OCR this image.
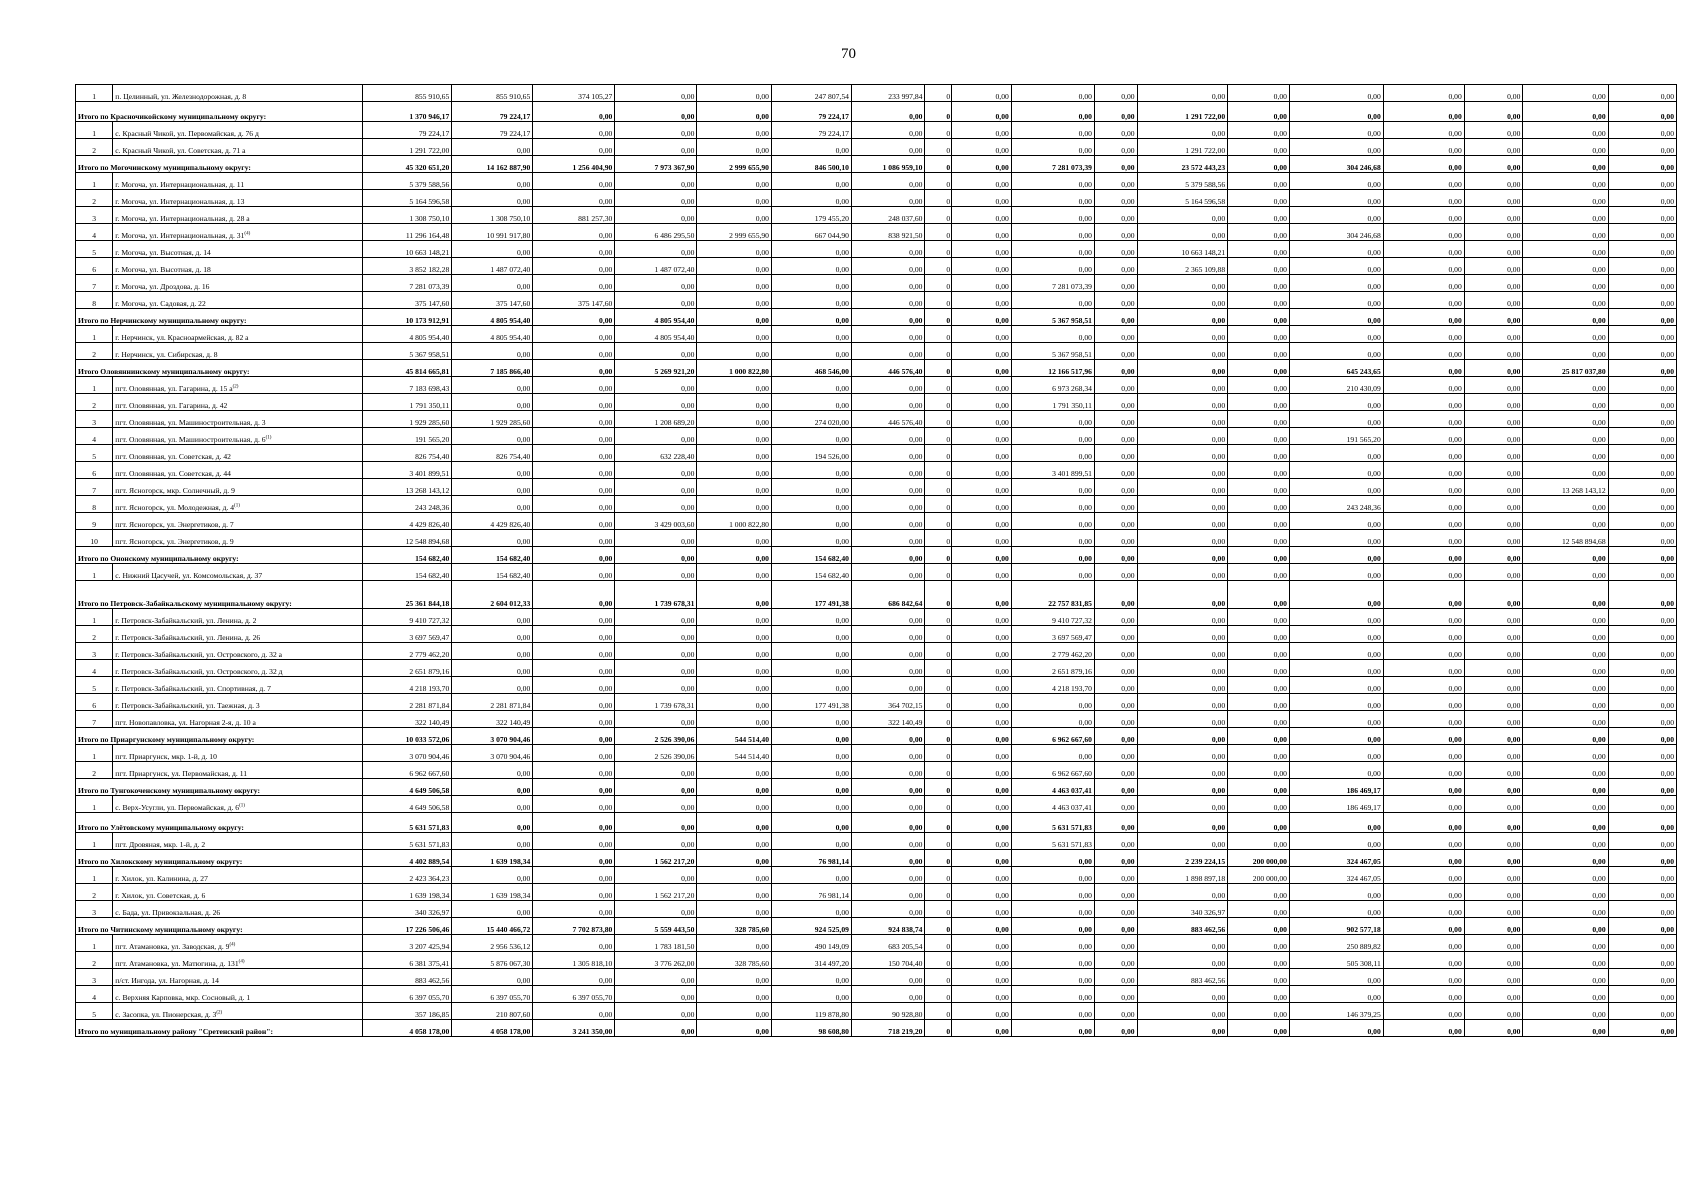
70
1	п. Целинный, ул. Железнодорожная, д. 8	855 910,65	855 910,65	374 105,27	0,00	0,00	247 807,54	233 997,84	0	0,00	0,00	0,00	0,00	0,00	0,00	0,00	0,00	0,00	0,00
Итого по Красночикойскому муниципальному округу:		1 370 946,17	79 224,17	0,00	0,00	0,00	79 224,17	0,00	0	0,00	0,00	0,00	1 291 722,00	0,00	0,00	0,00	0,00	0,00	0,00
1	с. Красный Чикой, ул. Первомайская, д. 76 д	79 224,17	79 224,17	0,00	0,00	0,00	79 224,17	0,00	0	0,00	0,00	0,00	0,00	0,00	0,00	0,00	0,00	0,00	0,00
2	с. Красный Чикой, ул. Советская, д. 71 а	1 291 722,00	0,00	0,00	0,00	0,00	0,00	0,00	0	0,00	0,00	0,00	1 291 722,00	0,00	0,00	0,00	0,00	0,00	0,00
Итого по Могочинскому муниципальному округу:		45 320 651,20	14 162 887,90	1 256 404,90	7 973 367,90	2 999 655,90	846 500,10	1 086 959,10	0	0,00	7 281 073,39	0,00	23 572 443,23	0,00	304 246,68	0,00	0,00	0,00	0,00
1	г. Могоча, ул. Интернациональная, д. 11	5 379 588,56	0,00	0,00	0,00	0,00	0,00	0,00	0	0,00	0,00	0,00	5 379 588,56	0,00	0,00	0,00	0,00	0,00	0,00
2	г. Могоча, ул. Интернациональная, д. 13	5 164 596,58	0,00	0,00	0,00	0,00	0,00	0,00	0	0,00	0,00	0,00	5 164 596,58	0,00	0,00	0,00	0,00	0,00	0,00
3	г. Могоча, ул. Интернациональная, д. 28 а	1 308 750,10	1 308 750,10	881 257,30	0,00	0,00	179 455,20	248 037,60	0	0,00	0,00	0,00	0,00	0,00	0,00	0,00	0,00	0,00	0,00
4	г. Могоча, ул. Интернациональная, д. 31$^{(4)}$	11 296 164,48	10 991 917,80	0,00	6 486 295,50	2 999 655,90	667 044,90	838 921,50	0	0,00	0,00	0,00	0,00	0,00	304 246,68	0,00	0,00	0,00	0,00
5	г. Могоча, ул. Высотная, д. 14	10 663 148,21	0,00	0,00	0,00	0,00	0,00	0,00	0	0,00	0,00	0,00	10 663 148,21	0,00	0,00	0,00	0,00	0,00	0,00
6	г. Могоча, ул. Высотная, д. 18	3 852 182,28	1 487 072,40	0,00	1 487 072,40	0,00	0,00	0,00	0	0,00	0,00	0,00	2 365 109,88	0,00	0,00	0,00	0,00	0,00	0,00
7	г. Могоча, ул. Дроздова, д. 16	7 281 073,39	0,00	0,00	0,00	0,00	0,00	0,00	0	0,00	7 281 073,39	0,00	0,00	0,00	0,00	0,00	0,00	0,00	0,00
8	г. Могоча, ул. Садовая, д. 22	375 147,60	375 147,60	375 147,60	0,00	0,00	0,00	0,00	0	0,00	0,00	0,00	0,00	0,00	0,00	0,00	0,00	0,00	0,00
Итого по Нерчинскому муниципальному округу:		10 173 912,91	4 805 954,40	0,00	4 805 954,40	0,00	0,00	0,00	0	0,00	5 367 958,51	0,00	0,00	0,00	0,00	0,00	0,00	0,00	0,00
1	г. Нерчинск, ул. Красноармейская, д. 82 а	4 805 954,40	4 805 954,40	0,00	4 805 954,40	0,00	0,00	0,00	0	0,00	0,00	0,00	0,00	0,00	0,00	0,00	0,00	0,00	0,00
2	г. Нерчинск, ул. Сибирская, д. 8	5 367 958,51	0,00	0,00	0,00	0,00	0,00	0,00	0	0,00	5 367 958,51	0,00	0,00	0,00	0,00	0,00	0,00	0,00	0,00
Итого Оловяннинскому муниципальному округу:		45 814 665,81	7 185 866,40	0,00	5 269 921,20	1 000 822,80	468 546,00	446 576,40	0	0,00	12 166 517,96	0,00	0,00	0,00	645 243,65	0,00	0,00	25 817 037,80	0,00
1	пгт. Оловянная, ул. Гагарина, д. 15 $а^{(2)}$	7 183 698,43	0,00	0,00	0,00	0,00	0,00	0,00	0	0,00	6 973 268,34	0,00	0,00	0,00	210 430,09	0,00	0,00	0,00	0,00
2	пгт. Оловянная, ул. Гагарина, д. 42	1 791 350,11	0,00	0,00	0,00	0,00	0,00	0,00	0	0,00	1 791 350,11	0,00	0,00	0,00	0,00	0,00	0,00	0,00	0,00
3	пгт. Оловянная, ул. Машиностроительная, д. 3	1 929 285,60	1 929 285,60	0,00	1 208 689,20	0,00	274 020,00	446 576,40	0	0,00	0,00	0,00	0,00	0,00	0,00	0,00	0,00	0,00	0,00
4	пгт. Оловянная, ул. Машиностроительная, д. 6$^{(1)}$	191 565,20	0,00	0,00	0,00	0,00	0,00	0,00	0	0,00	0,00	0,00	0,00	0,00	191 565,20	0,00	0,00	0,00	0,00
5	пгт. Оловянная, ул. Советская, д. 42	826 754,40	826 754,40	0,00	632 228,40	0,00	194 526,00	0,00	0	0,00	0,00	0,00	0,00	0,00	0,00	0,00	0,00	0,00	0,00
6	пгт. Оловянная, ул. Советская, д. 44	3 401 899,51	0,00	0,00	0,00	0,00	0,00	0,00	0	0,00	3 401 899,51	0,00	0,00	0,00	0,00	0,00	0,00	0,00	0,00
7	пгт. Ясногорск, мкр. Солнечный, д. 9	13 268 143,12	0,00	0,00	0,00	0,00	0,00	0,00	0	0,00	0,00	0,00	0,00	0,00	0,00	0,00	0,00	13 268 143,12	0,00
8	пгт. Ясногорск, ул. Молодежная, д. 4$^{(1)}$	243 248,36	0,00	0,00	0,00	0,00	0,00	0,00	0	0,00	0,00	0,00	0,00	0,00	243 248,36	0,00	0,00	0,00	0,00
9	пгт. Ясногорск, ул. Энергетиков, д. 7	4 429 826,40	4 429 826,40	0,00	3 429 003,60	1 000 822,80	0,00	0,00	0	0,00	0,00	0,00	0,00	0,00	0,00	0,00	0,00	0,00	0,00
10	пгт. Ясногорск, ул. Энергетиков, д. 9	12 548 894,68	0,00	0,00	0,00	0,00	0,00	0,00	0	0,00	0,00	0,00	0,00	0,00	0,00	0,00	0,00	12 548 894,68	0,00
Итого по Ононскому муниципальному округу:		154 682,40	154 682,40	0,00	0,00	0,00	154 682,40	0,00	0	0,00	0,00	0,00	0,00	0,00	0,00	0,00	0,00	0,00	0,00
1	с. Нижний Цасучей, ул. Комсомольская, д. 37	154 682,40	154 682,40	0,00	0,00	0,00	154 682,40	0,00	0	0,00	0,00	0,00	0,00	0,00	0,00	0,00	0,00	0,00	0,00
Итого по Петровск-Забайкальскому муниципальному округу:		25 361 844,18	2 604 012,33	0,00	1 739 678,31	0,00	177 491,38	686 842,64	0	0,00	22 757 831,85	0,00	0,00	0,00	0,00	0,00	0,00	0,00	0,00
1	г. Петровск-Забайкальский, ул. Ленина, д. 2	9 410 727,32	0,00	0,00	0,00	0,00	0,00	0,00	0	0,00	9 410 727,32	0,00	0,00	0,00	0,00	0,00	0,00	0,00	0,00
2	г. Петровск-Забайкальский, ул. Ленина, д. 26	3 697 569,47	0,00	0,00	0,00	0,00	0,00	0,00	0	0,00	3 697 569,47	0,00	0,00	0,00	0,00	0,00	0,00	0,00	0,00
3	г. Петровск-Забайкальский, ул. Островского, д. 32 а	2 779 462,20	0,00	0,00	0,00	0,00	0,00	0,00	0	0,00	2 779 462,20	0,00	0,00	0,00	0,00	0,00	0,00	0,00	0,00
4	г. Петровск-Забайкальский, ул. Островского, д. 32 д	2 651 879,16	0,00	0,00	0,00	0,00	0,00	0,00	0	0,00	2 651 879,16	0,00	0,00	0,00	0,00	0,00	0,00	0,00	0,00
5	г. Петровск-Забайкальский, ул. Спортивная, д. 7	4 218 193,70	0,00	0,00	0,00	0,00	0,00	0,00	0	0,00	4 218 193,70	0,00	0,00	0,00	0,00	0,00	0,00	0,00	0,00
6	г. Петровск-Забайкальский, ул. Таежная, д. 3	2 281 871,84	2 281 871,84	0,00	1 739 678,31	0,00	177 491,38	364 702,15	0	0,00	0,00	0,00	0,00	0,00	0,00	0,00	0,00	0,00	0,00
7	пгт. Новопавловка, ул. Нагорная 2-я, д. 10 а	322 140,49	322 140,49	0,00	0,00	0,00	0,00	322 140,49	0	0,00	0,00	0,00	0,00	0,00	0,00	0,00	0,00	0,00	0,00
Итого по Приаргунскому муниципальному округу:		10 033 572,06	3 070 904,46	0,00	2 526 390,06	544 514,40	0,00	0,00	0	0,00	6 962 667,60	0,00	0,00	0,00	0,00	0,00	0,00	0,00	0,00
1	пгт. Приаргунск, мкр. 1-й, д. 10	3 070 904,46	3 070 904,46	0,00	2 526 390,06	544 514,40	0,00	0,00	0	0,00	0,00	0,00	0,00	0,00	0,00	0,00	0,00	0,00	0,00
2	пгт. Приаргунск, ул. Первомайская, д. 11	6 962 667,60	0,00	0,00	0,00	0,00	0,00	0,00	0	0,00	6 962 667,60	0,00	0,00	0,00	0,00	0,00	0,00	0,00	0,00
Итого по Тунгокоченскому муниципальному округу:		4 649 506,58	0,00	0,00	0,00	0,00	0,00	0,00	0	0,00	4 463 037,41	0,00	0,00	0,00	186 469,17	0,00	0,00	0,00	0,00
1	с. Верх-Усугли, ул. Первомайская, д. 6$^{(1)}$	4 649 506,58	0,00	0,00	0,00	0,00	0,00	0,00	0	0,00	4 463 037,41	0,00	0,00	0,00	186 469,17	0,00	0,00	0,00	0,00
Итого по Улётовскому муниципальному округу:		5 631 571,83	0,00	0,00	0,00	0,00	0,00	0,00	0	0,00	5 631 571,83	0,00	0,00	0,00	0,00	0,00	0,00	0,00	0,00
1	пгт. Дровяная, мкр. 1-й, д. 2	5 631 571,83	0,00	0,00	0,00	0,00	0,00	0,00	0	0,00	5 631 571,83	0,00	0,00	0,00	0,00	0,00	0,00	0,00	0,00
Итого по Хилокскому муниципальному округу:		4 402 889,54	1 639 198,34	0,00	1 562 217,20	0,00	76 981,14	0,00	0	0,00	0,00	0,00	2 239 224,15	200 000,00	324 467,05	0,00	0,00	0,00	0,00
1	г. Хилок, ул. Калинина, д. 27	2 423 364,23	0,00	0,00	0,00	0,00	0,00	0,00	0	0,00	0,00	0,00	1 898 897,18	200 000,00	324 467,05	0,00	0,00	0,00	0,00
2	г. Хилок, ул. Советская, д. 6	1 639 198,34	1 639 198,34	0,00	1 562 217,20	0,00	76 981,14	0,00	0	0,00	0,00	0,00	0,00	0,00	0,00	0,00	0,00	0,00	0,00
3	с. Бада, ул. Привокзальная, д. 26	340 326,97	0,00	0,00	0,00	0,00	0,00	0,00	0	0,00	0,00	0,00	340 326,97	0,00	0,00	0,00	0,00	0,00	0,00
Итого по Читинскому муниципальному округу:		17 226 506,46	15 440 466,72	7 702 873,80	5 559 443,50	328 785,60	924 525,09	924 838,74	0	0,00	0,00	0,00	883 462,56	0,00	902 577,18	0,00	0,00	0,00	0,00
1	пгт. Атамановка, ул. Заводская, д. 9$^{(4)}$	3 207 425,94	2 956 536,12	0,00	1 783 181,50	0,00	490 149,09	683 205,54	0	0,00	0,00	0,00	0,00	0,00	250 889,82	0,00	0,00	0,00	0,00
2	пгт. Атамановка, ул. Матюгина, д. 131$^{(4)}$	6 381 375,41	5 876 067,30	1 305 818,10	3 776 262,00	328 785,60	314 497,20	150 704,40	0	0,00	0,00	0,00	0,00	0,00	505 308,11	0,00	0,00	0,00	0,00
3	п/ст. Ингода, ул. Нагорная, д. 14	883 462,56	0,00	0,00	0,00	0,00	0,00	0,00	0	0,00	0,00	0,00	883 462,56	0,00	0,00	0,00	0,00	0,00	0,00
4	с. Верхняя Карповка, мкр. Сосновый, д. 1	6 397 055,70	6 397 055,70	6 397 055,70	0,00	0,00	0,00	0,00	0	0,00	0,00	0,00	0,00	0,00	0,00	0,00	0,00	0,00	0,00
5	с. Засопка, ул. Пионерская, д. 3$^{(2)}$	357 186,85	210 807,60	0,00	0,00	0,00	119 878,80	90 928,80	0	0,00	0,00	0,00	0,00	0,00	146 379,25	0,00	0,00	0,00	0,00
Итого по муниципальному району "Сретенский район":		4 058 178,00	4 058 178,00	3 241 350,00	0,00	0,00	98 608,80	718 219,20	0	0,00	0,00	0,00	0,00	0,00	0,00	0,00	0,00	0,00	0,00
